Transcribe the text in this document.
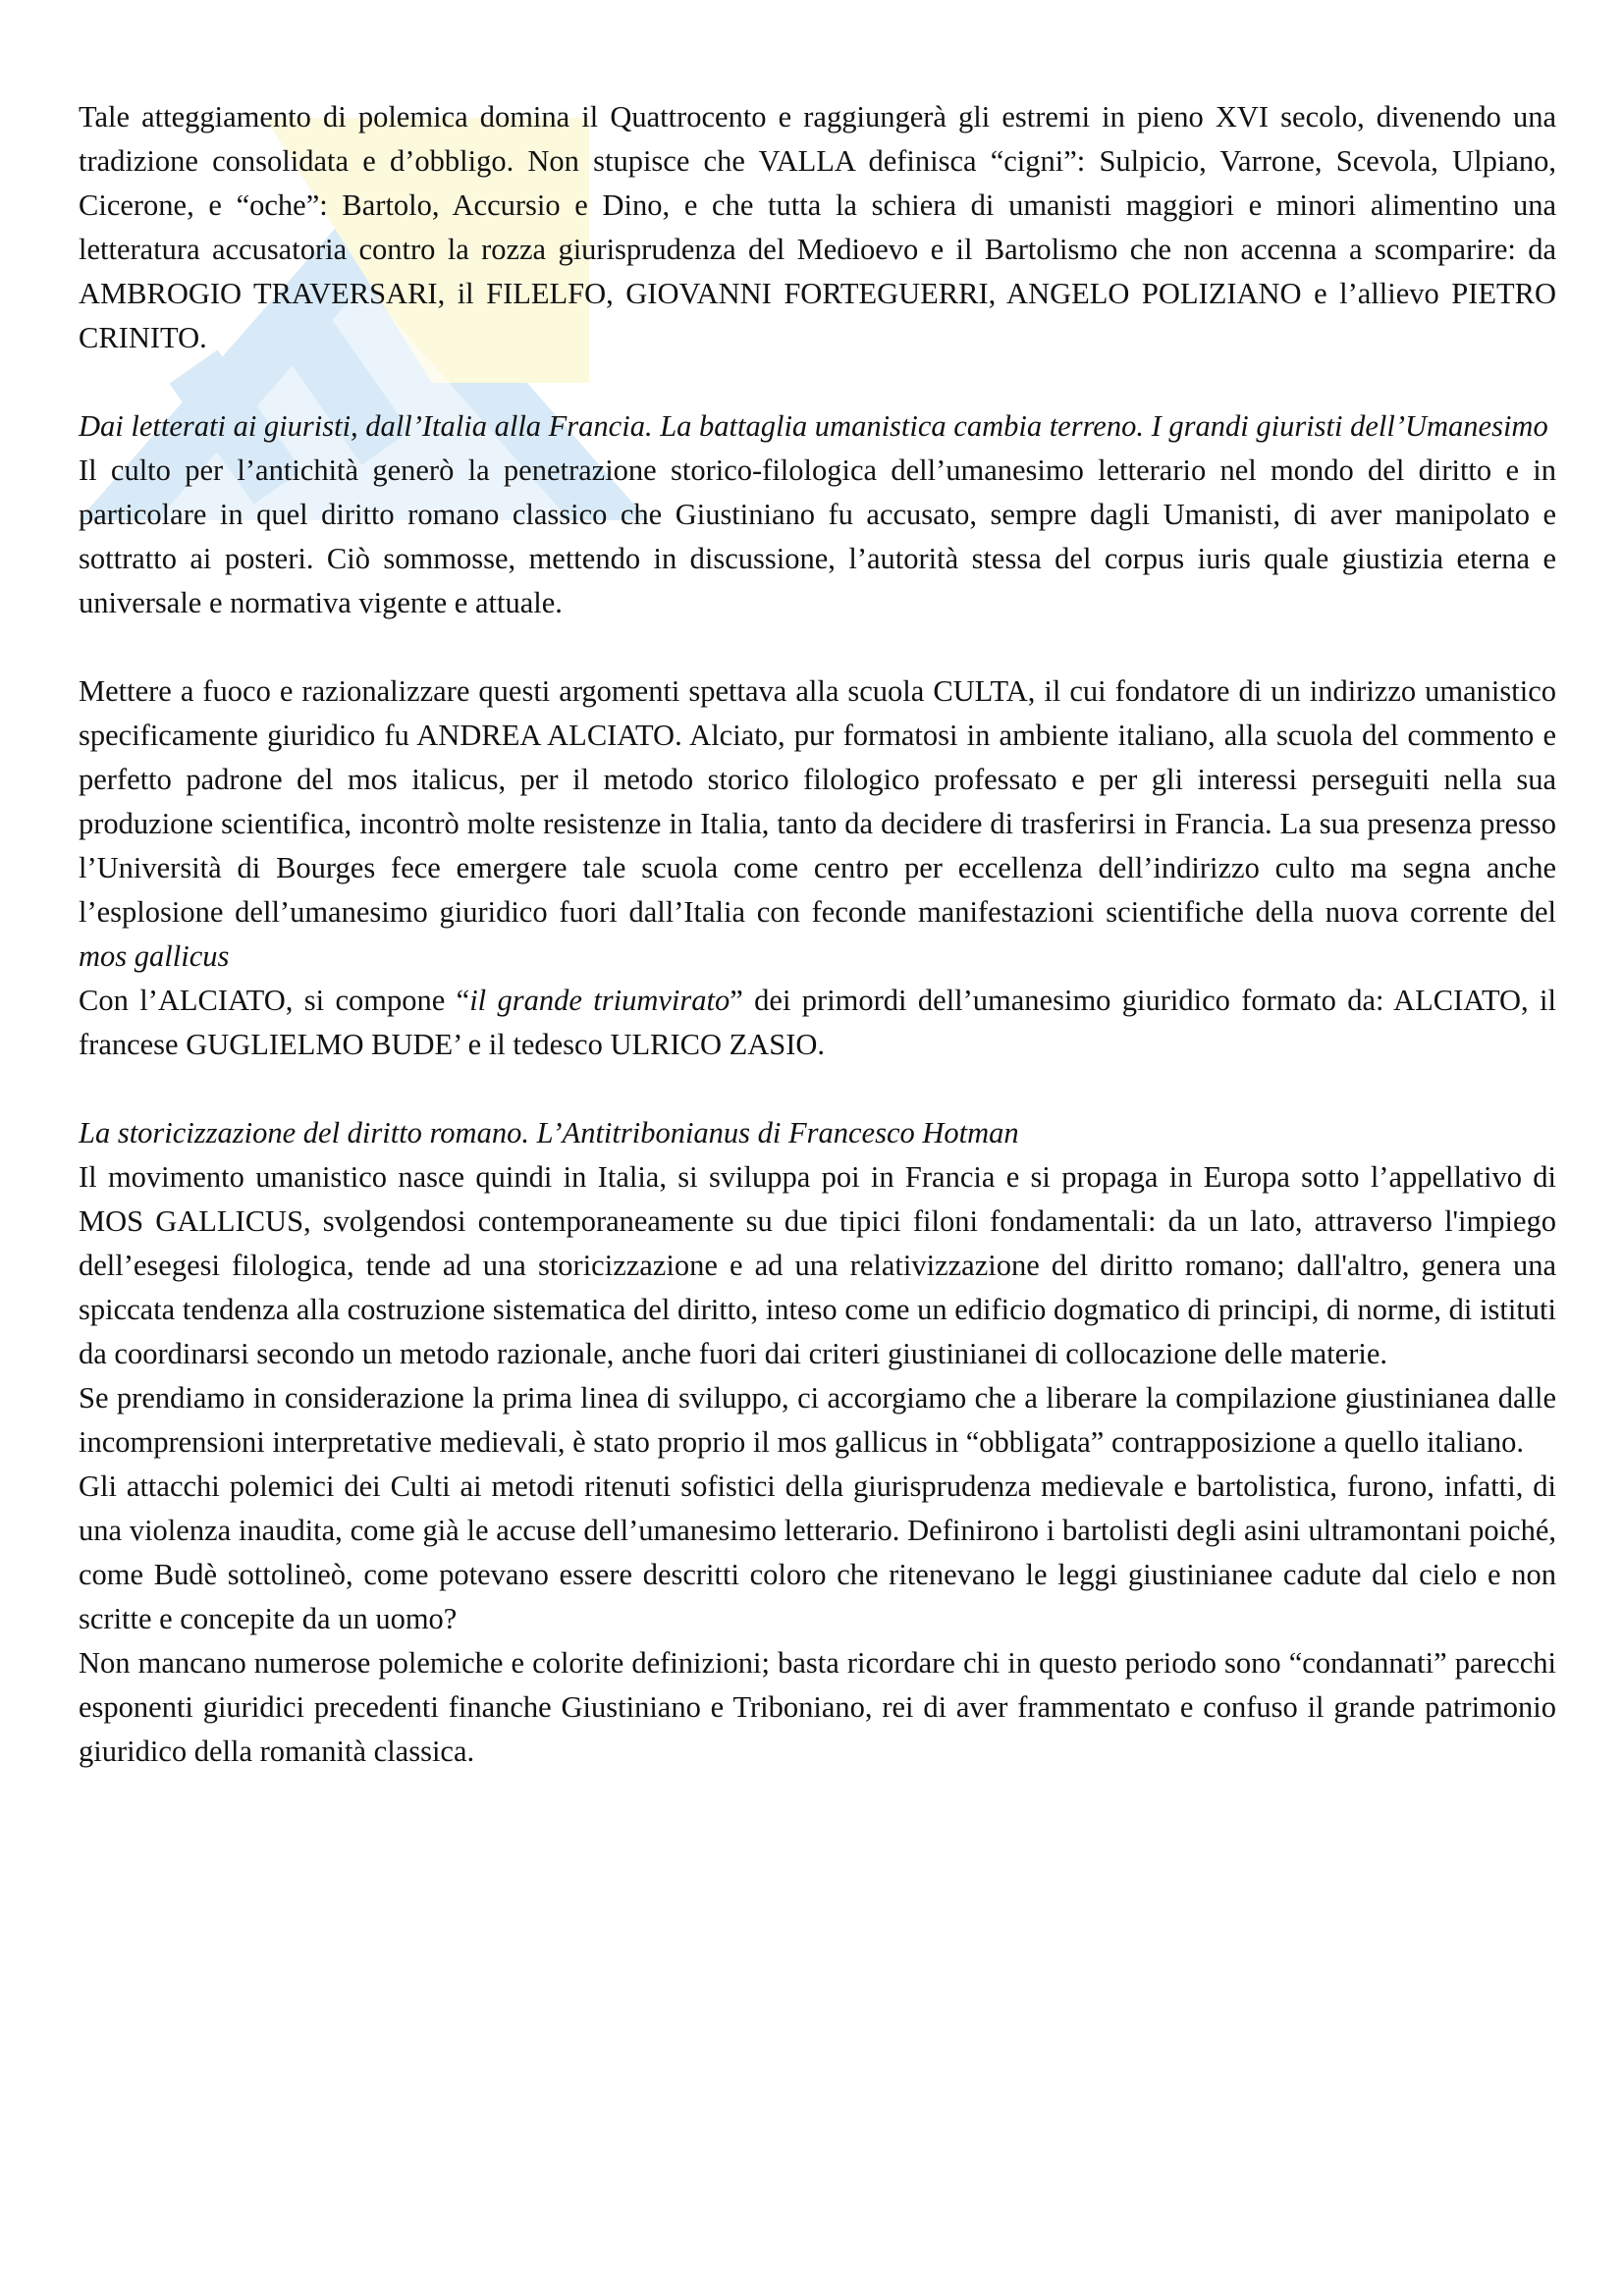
Tale atteggiamento di polemica domina il Quattrocento e raggiungerà gli estremi in pieno XVI secolo, divenendo una tradizione consolidata e d’obbligo. Non stupisce che VALLA definisca “cigni”: Sulpicio, Varrone, Scevola, Ulpiano, Cicerone, e “oche”: Bartolo, Accursio e Dino, e che tutta la schiera di umanisti maggiori e minori alimentino una letteratura accusatoria contro la rozza giurisprudenza del Medioevo e il Bartolismo che non accenna a scomparire: da AMBROGIO TRAVERSARI, il FILELFO, GIOVANNI FORTEGUERRI, ANGELO POLIZIANO e l’allievo PIETRO CRINITO.

Dai letterati ai giuristi, dall’Italia alla Francia. La battaglia umanistica cambia terreno. I grandi giuristi dell’Umanesimo

Il culto per l’antichità generò la penetrazione storico-filologica dell’umanesimo letterario nel mondo del diritto e in particolare in quel diritto romano classico che Giustiniano fu accusato, sempre dagli Umanisti, di aver manipolato e sottratto ai posteri. Ciò sommosse, mettendo in discussione, l’autorità stessa del corpus iuris quale giustizia eterna e universale e normativa vigente e attuale.

Mettere a fuoco e razionalizzare questi argomenti spettava alla scuola CULTA, il cui fondatore di un indirizzo umanistico specificamente giuridico fu ANDREA ALCIATO. Alciato, pur formatosi in ambiente italiano, alla scuola del commento e perfetto padrone del mos italicus, per il metodo storico filologico professato e per gli interessi perseguiti nella sua produzione scientifica, incontrò molte resistenze in Italia, tanto da decidere di trasferirsi in Francia. La sua presenza presso l’Università di Bourges fece emergere tale scuola come centro per eccellenza dell’indirizzo culto ma segna anche l’esplosione dell’umanesimo giuridico fuori dall’Italia con feconde manifestazioni scientifiche della nuova corrente del mos gallicus

Con l’ALCIATO, si compone “il grande triumvirato” dei primordi dell’umanesimo giuridico formato da: ALCIATO, il francese GUGLIELMO BUDE’ e il tedesco ULRICO ZASIO.

La storicizzazione del diritto romano. L’Antitribonianus di Francesco Hotman

Il movimento umanistico nasce quindi in Italia, si sviluppa poi in Francia e si propaga in Europa sotto l’appellativo di MOS GALLICUS, svolgendosi contemporaneamente su due tipici filoni fondamentali: da un lato, attraverso l'impiego dell’esegesi filologica, tende ad una storicizzazione e ad una relativizzazione del diritto romano; dall'altro, genera una spiccata tendenza alla costruzione sistematica del diritto, inteso come un edificio dogmatico di principi, di norme, di istituti da coordinarsi secondo un metodo razionale, anche fuori dai criteri giustinianei di collocazione delle materie.

Se prendiamo in considerazione la prima linea di sviluppo, ci accorgiamo che a liberare la compilazione giustinianea dalle incomprensioni interpretative medievali, è stato proprio il mos gallicus in “obbligata” contrapposizione a quello italiano.

Gli attacchi polemici dei Culti ai metodi ritenuti sofistici della giurisprudenza medievale e bartolistica, furono, infatti, di una violenza inaudita, come già le accuse dell’umanesimo letterario. Definirono i bartolisti degli asini ultramontani poiché, come Budè sottolineò, come potevano essere descritti coloro che ritenevano le leggi giustinianee cadute dal cielo e non scritte e concepite da un uomo?

Non mancano numerose polemiche e colorite definizioni; basta ricordare chi in questo periodo sono “condannati” parecchi esponenti giuridici precedenti finanche Giustiniano e Triboniano, rei di aver frammentato e confuso il grande patrimonio giuridico della romanità classica.
